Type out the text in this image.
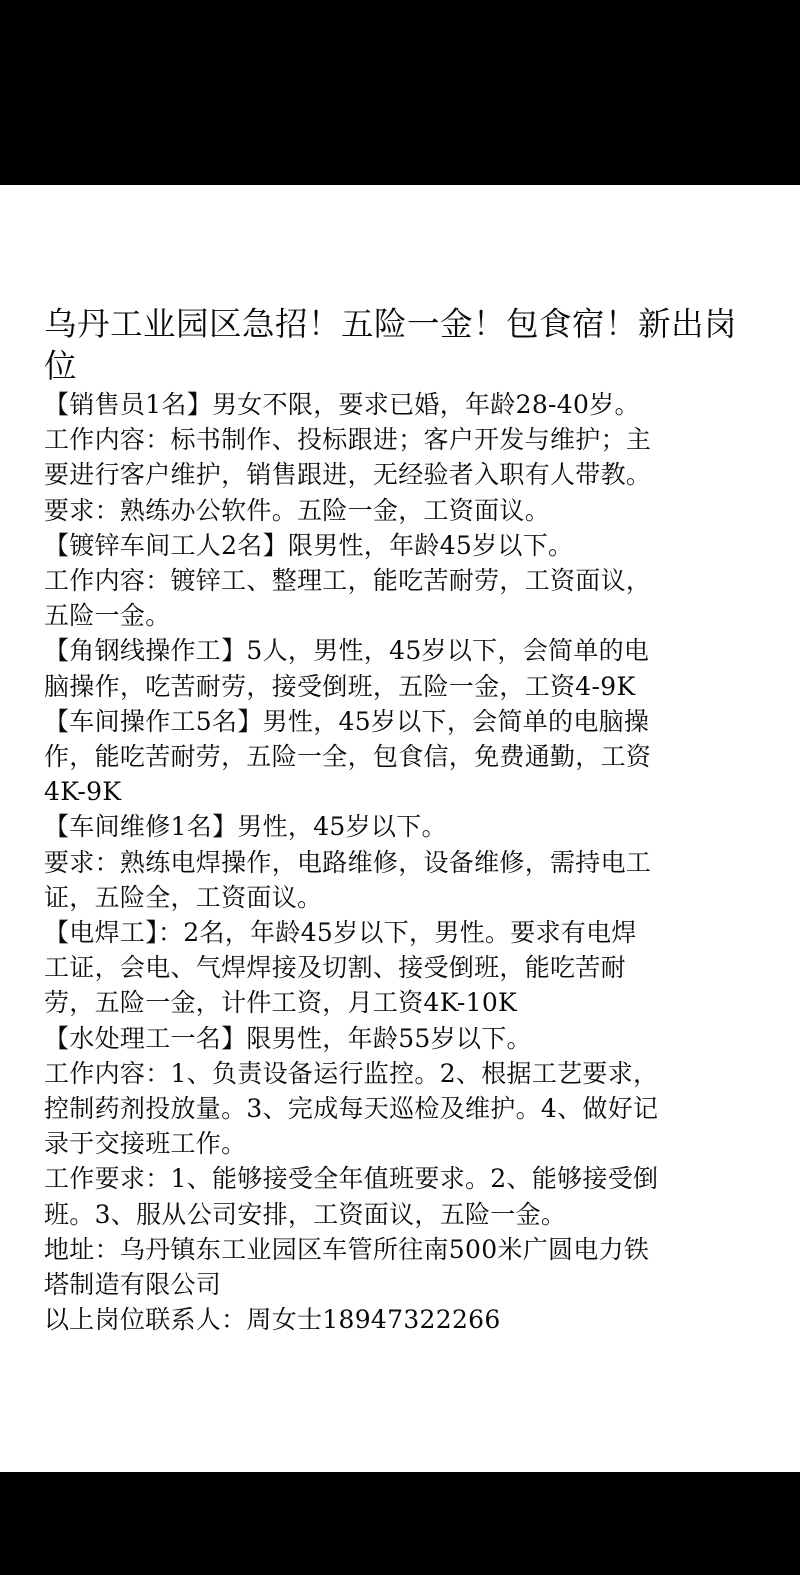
乌丹工业园区急招！五险一金！包食宿！新出岗位
【销售员1名】男女不限，要求已婚，年龄28-40岁。
工作内容：标书制作、投标跟进；客户开发与维护；主
要进行客户维护，销售跟进，无经验者入职有人带教。
要求：熟练办公软件。五险一金，工资面议。
【镀锌车间工人2名】限男性，年龄45岁以下。
工作内容：镀锌工、整理工，能吃苦耐劳，工资面议，
五险一金。
【角钢线操作工】5人，男性，45岁以下，会简单的电
脑操作，吃苦耐劳，接受倒班，五险一金，工资4-9K
【车间操作工5名】男性，45岁以下，会简单的电脑操
作，能吃苦耐劳，五险一全，包食信，免费通勤，工资
4K-9K
【车间维修1名】男性，45岁以下。
要求：熟练电焊操作，电路维修，设备维修，需持电工
证，五险全，工资面议。
【电焊工】：2名，年龄45岁以下，男性。要求有电焊
工证，会电、气焊焊接及切割、接受倒班，能吃苦耐
劳，五险一金，计件工资，月工资4K-10K
【水处理工一名】限男性，年龄55岁以下。
工作内容：1、负责设备运行监控。2、根据工艺要求，
控制药剂投放量。3、完成每天巡检及维护。4、做好记
录于交接班工作。
工作要求：1、能够接受全年值班要求。2、能够接受倒
班。3、服从公司安排，工资面议，五险一金。
地址：乌丹镇东工业园区车管所往南500米广圆电力铁
塔制造有限公司
以上岗位联系人：周女士18947322266
